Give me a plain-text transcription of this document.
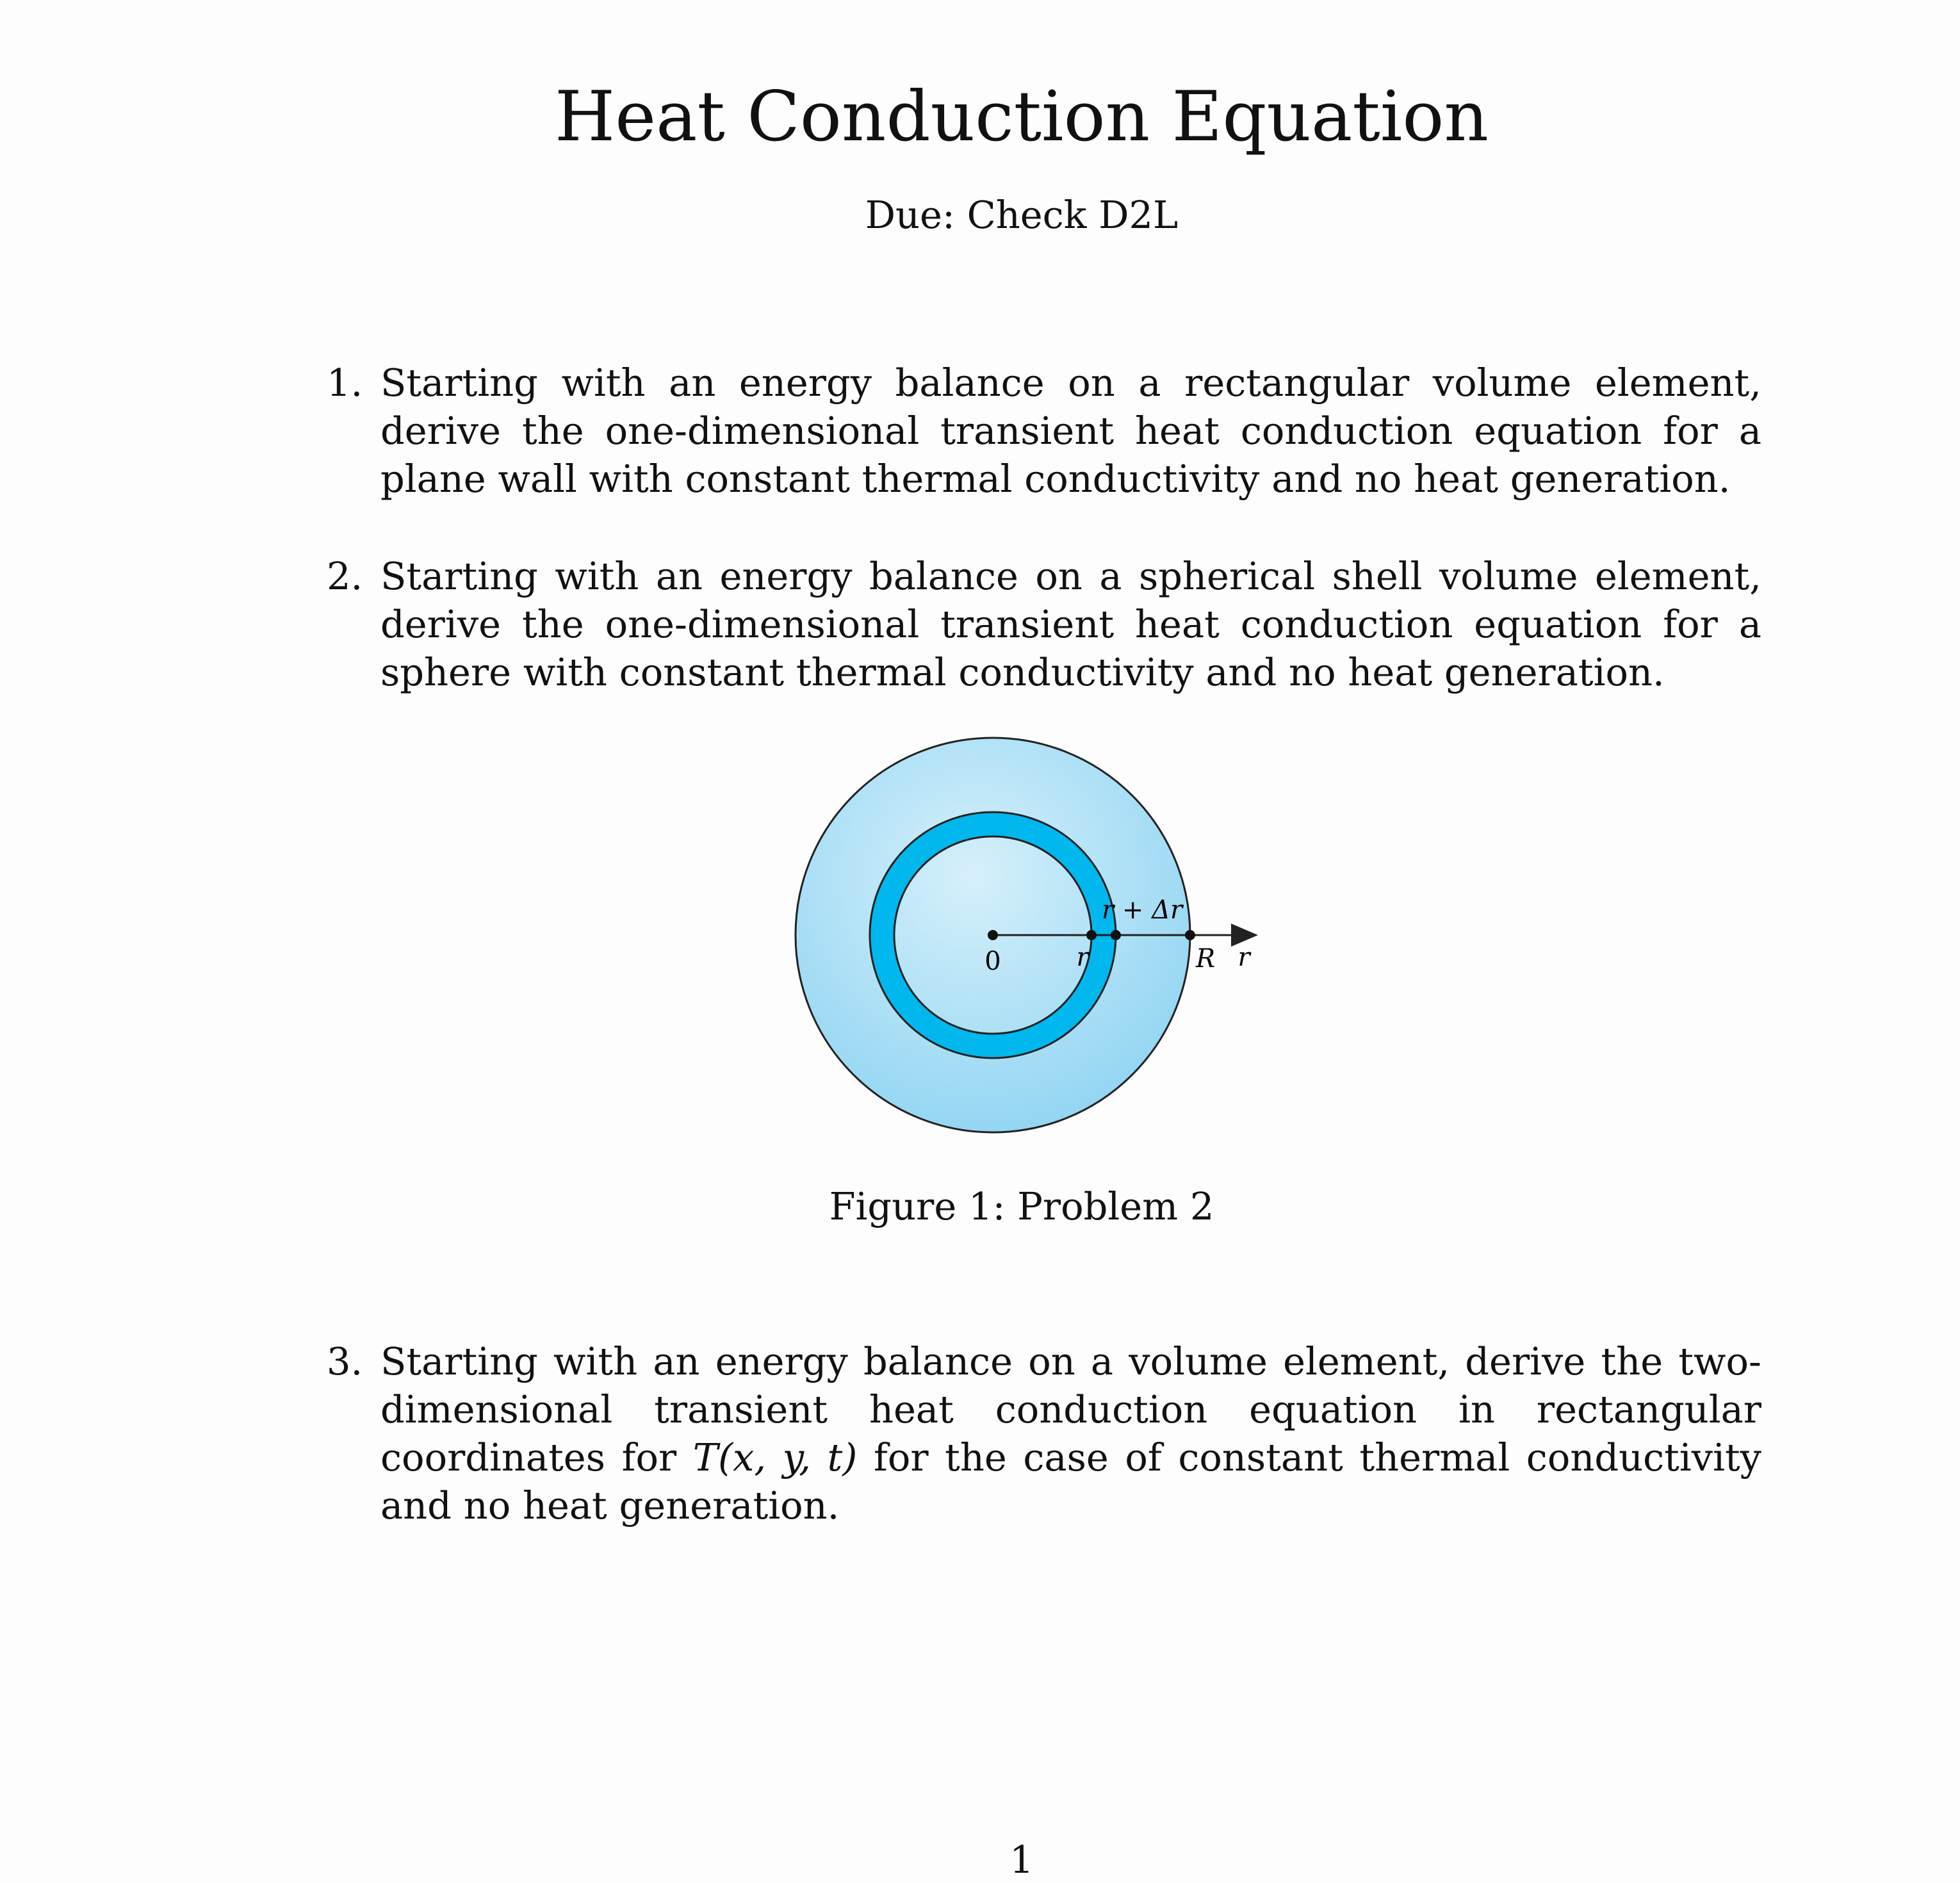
Heat Conduction Equation
Due: Check D2L
1. Starting with an energy balance on a rectangular volume element, derive the one-dimensional transient heat conduction equation for a plane wall with constant thermal conductivity and no heat generation.
2. Starting with an energy balance on a spherical shell volume element, derive the one-dimensional transient heat conduction equation for a sphere with constant thermal conductivity and no heat generation.
0	r
r + Δr
R r
Figure 1: Problem 2
3. Starting with an energy balance on a volume element, derive the two-dimensional transient heat conduction equation in rectangular coordinates for T(x, y, t) for the case of constant thermal conductivity and no heat generation.
1
